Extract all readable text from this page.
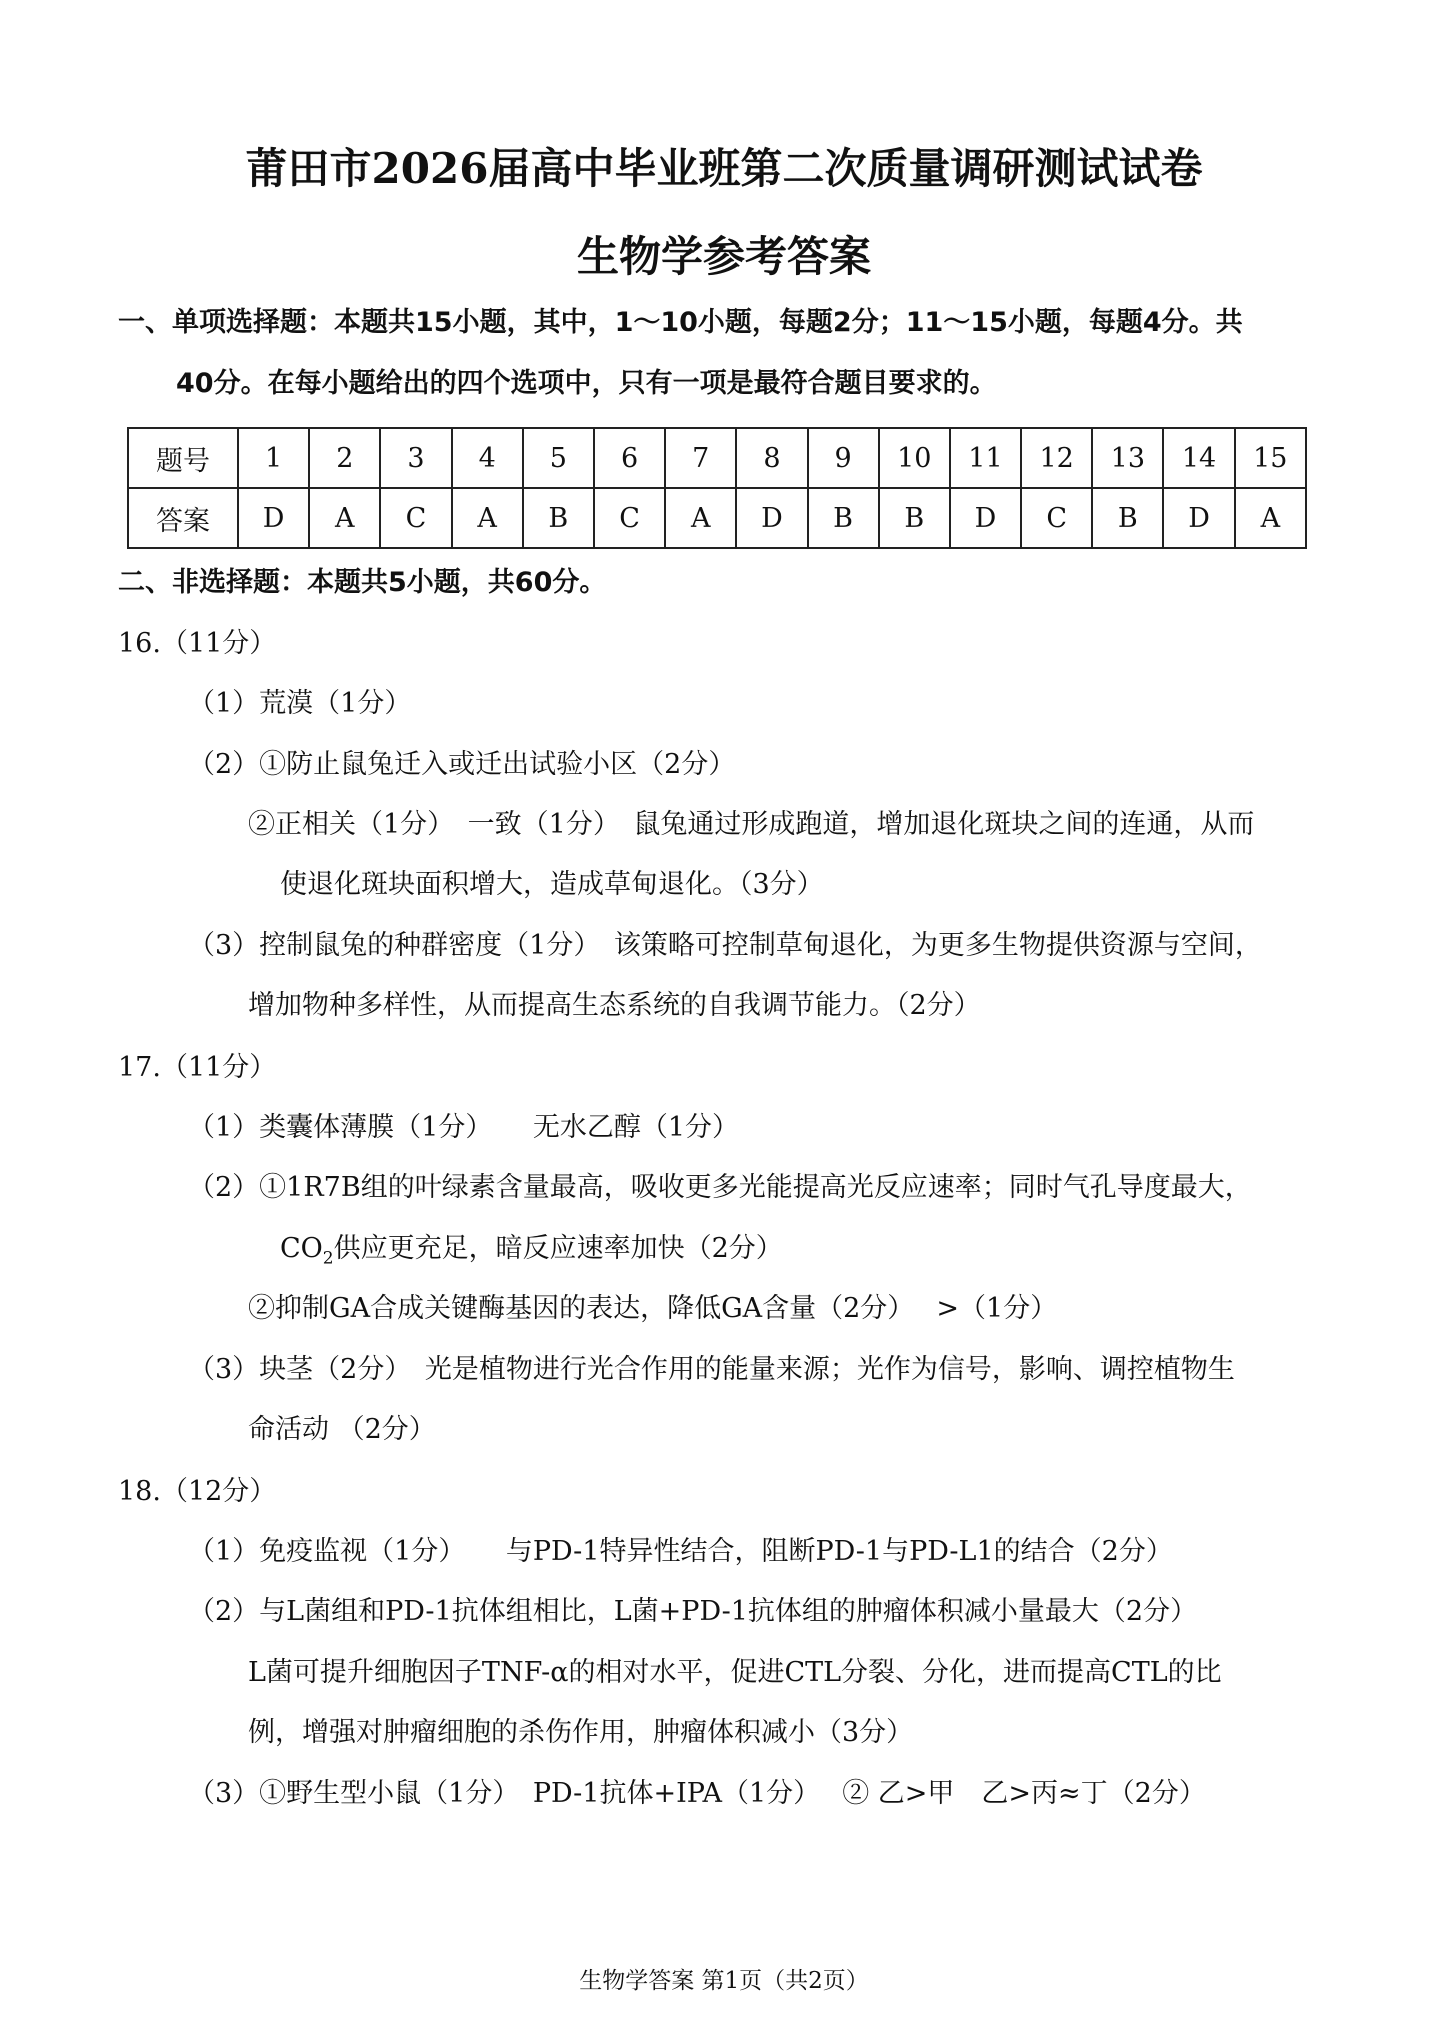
莆田市2026届高中毕业班第二次质量调研测试试卷
生物学参考答案
一、单项选择题：本题共15小题，其中，1～10小题，每题2分；11～15小题，每题4分。共
40分。在每小题给出的四个选项中，只有一项是最符合题目要求的。
题号	1	2	3	4	5	6	7	8	9	10	11	12	13	14	15
答案	D	A	C	A	B	C	A	D	B	B	D	C	B	D	A
二、非选择题：本题共5小题，共60分。
16.（11分）
（1）荒漠（1分）
（2）①防止鼠兔迁入或迁出试验小区（2分）
②正相关（1分）　一致（1分）　鼠兔通过形成跑道，增加退化斑块之间的连通，从而
使退化斑块面积增大，造成草甸退化。（3分）
（3）控制鼠兔的种群密度（1分）　该策略可控制草甸退化，为更多生物提供资源与空间，
增加物种多样性，从而提高生态系统的自我调节能力。（2分）
17.（11分）
（1）类囊体薄膜（1分）　　无水乙醇（1分）
（2）①1R7B组的叶绿素含量最高，吸收更多光能提高光反应速率；同时气孔导度最大，
$CO_2$供应更充足，暗反应速率加快（2分）
②抑制GA合成关键酶基因的表达，降低GA含量（2分）　 >（1分）
（3）块茎（2分）　光是植物进行光合作用的能量来源；光作为信号，影响、调控植物生
命活动 （2分）
18.（12分）
（1）免疫监视（1分）　　与PD-1特异性结合，阻断PD-1与PD-L1的结合（2分）
（2）与L菌组和PD-1抗体组相比，L菌+PD-1抗体组的肿瘤体积减小量最大（2分）
L菌可提升细胞因子TNF-α的相对水平，促进CTL分裂、分化，进而提高CTL的比
例，增强对肿瘤细胞的杀伤作用，肿瘤体积减小（3分）
（3）①野生型小鼠（1分）　PD-1抗体+IPA（1分）　 ② 乙>甲　乙>丙≈丁（2分）
生物学答案 第1页（共2页）
